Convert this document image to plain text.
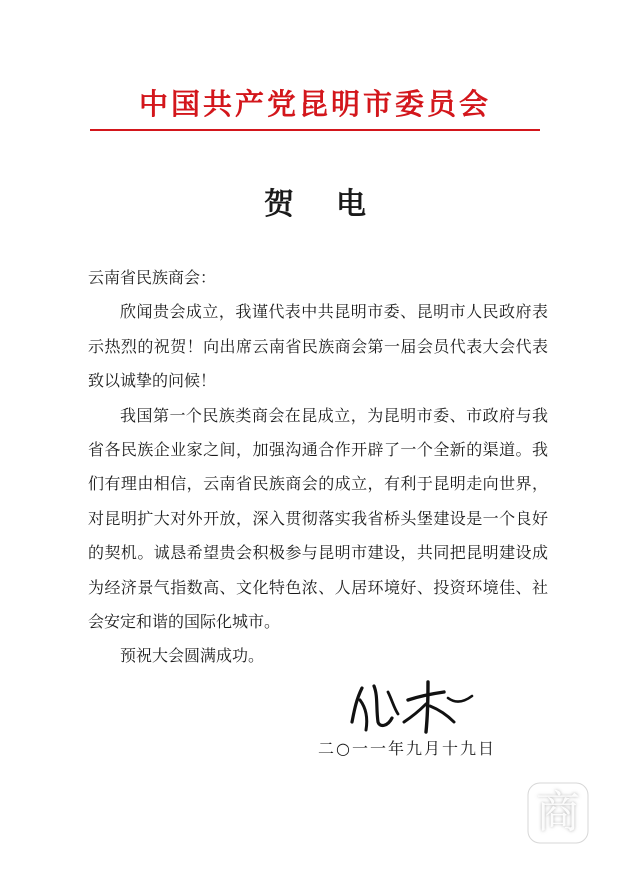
中国共产党昆明市委员会
贺电

云南省民族商会：

欣闻贵会成立，我谨代表中共昆明市委、昆明市人民政府表示热烈的祝贺！向出席云南省民族商会第一届会员代表大会代表致以诚挚的问候！

我国第一个民族类商会在昆成立，为昆明市委、市政府与我省各民族企业家之间，加强沟通合作开辟了一个全新的渠道。我们有理由相信，云南省民族商会的成立，有利于昆明走向世界，对昆明扩大对外开放，深入贯彻落实我省桥头堡建设是一个良好的契机。诚恳希望贵会积极参与昆明市建设，共同把昆明建设成为经济景气指数高、文化特色浓、人居环境好、投资环境佳、社会安定和谐的国际化城市。

预祝大会圆满成功。

二○一一年九月十九日
商
